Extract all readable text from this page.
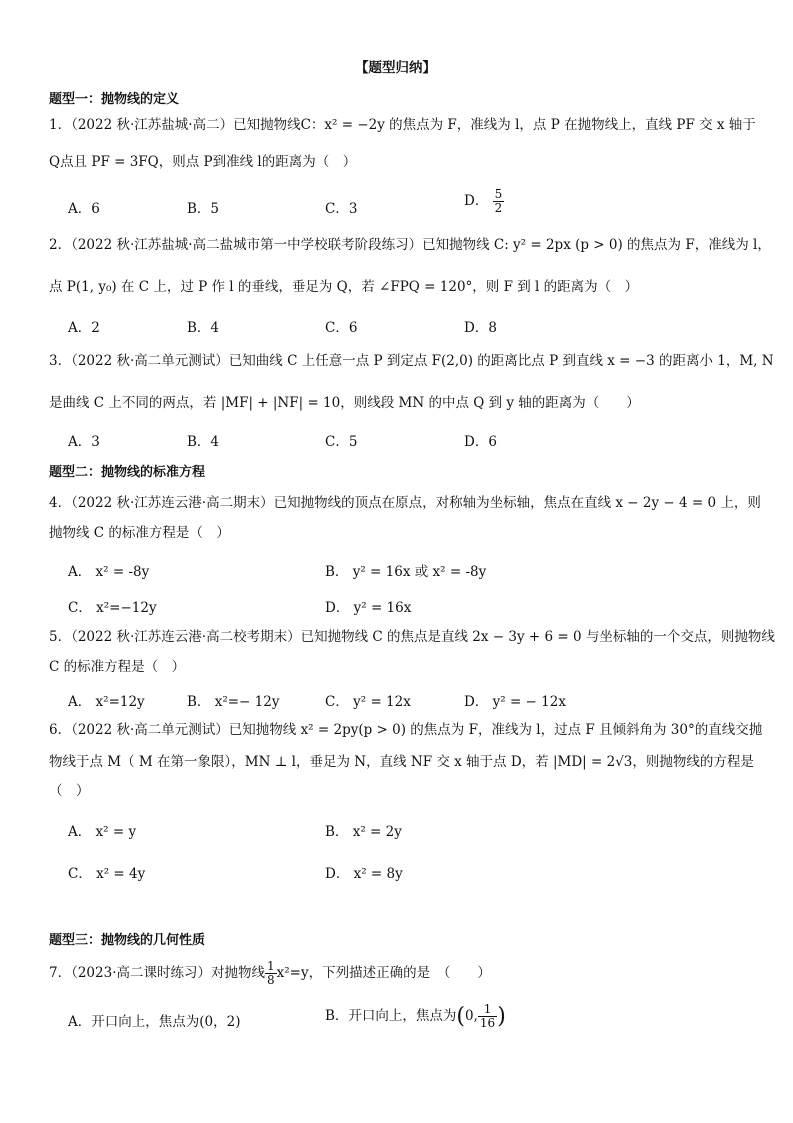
【题型归纳】
题型一：抛物线的定义
1．（2022 秋·江苏盐城·高二）已知抛物线C：x² = −2y 的焦点为 F，准线为 l，点 P 在抛物线上，直线 PF 交 x 轴于
Q点且 PF = 3FQ，则点 P到准线 l的距离为（　）
A．6	B．5	C．3	D． $\frac{5}{2}$
2．（2022 秋·江苏盐城·高二盐城市第一中学校联考阶段练习）已知抛物线 C: y² = 2px (p > 0) 的焦点为 F，准线为 l，
点 P(1, y₀) 在 C 上，过 P 作 l 的垂线，垂足为 Q，若 ∠FPQ = 120°，则 F 到 l 的距离为（　）
A．2	B．4	C．6	D．8
3．（2022 秋·高二单元测试）已知曲线 C 上任意一点 P 到定点 F(2,0) 的距离比点 P 到直线 x = −3 的距离小 1，M, N
是曲线 C 上不同的两点，若 |MF| + |NF| = 10，则线段 MN 的中点 Q 到 y 轴的距离为（　　）
A．3	B．4	C．5	D．6
题型二：抛物线的标准方程
4．（2022 秋·江苏连云港·高二期末）已知抛物线的顶点在原点，对称轴为坐标轴，焦点在直线 x − 2y − 4 = 0 上，则
抛物线 C 的标准方程是（　）
A． x² = -8y	B． y² = 16x 或 x² = -8y
C． x²=−12y	D． y² = 16x
5．（2022 秋·江苏连云港·高二校考期末）已知抛物线 C 的焦点是直线 2x − 3y + 6 = 0 与坐标轴的一个交点，则抛物线
C 的标准方程是（　）
A． x²=12y	B． x²=− 12y	C． y² = 12x	D． y² = − 12x
6．（2022 秋·高二单元测试）已知抛物线 x² = 2py(p > 0) 的焦点为 F，准线为 l，过点 F 且倾斜角为 30°的直线交抛
物线于点 M（ M 在第一象限），MN ⊥ l，垂足为 N，直线 NF 交 x 轴于点 D，若 |MD| = 2√3，则抛物线的方程是
（　）
A． x² = y	B． x² = 2y
C． x² = 4y	D． x² = 8y
题型三：抛物线的几何性质
7．（2023·高二课时练习）对抛物线 $\frac{1}{8} x^2=y$，下列描述正确的是　（　　）
A．开口向上，焦点为(0，2)	B．开口向上，焦点为(0, $\frac{1}{16}$ )
